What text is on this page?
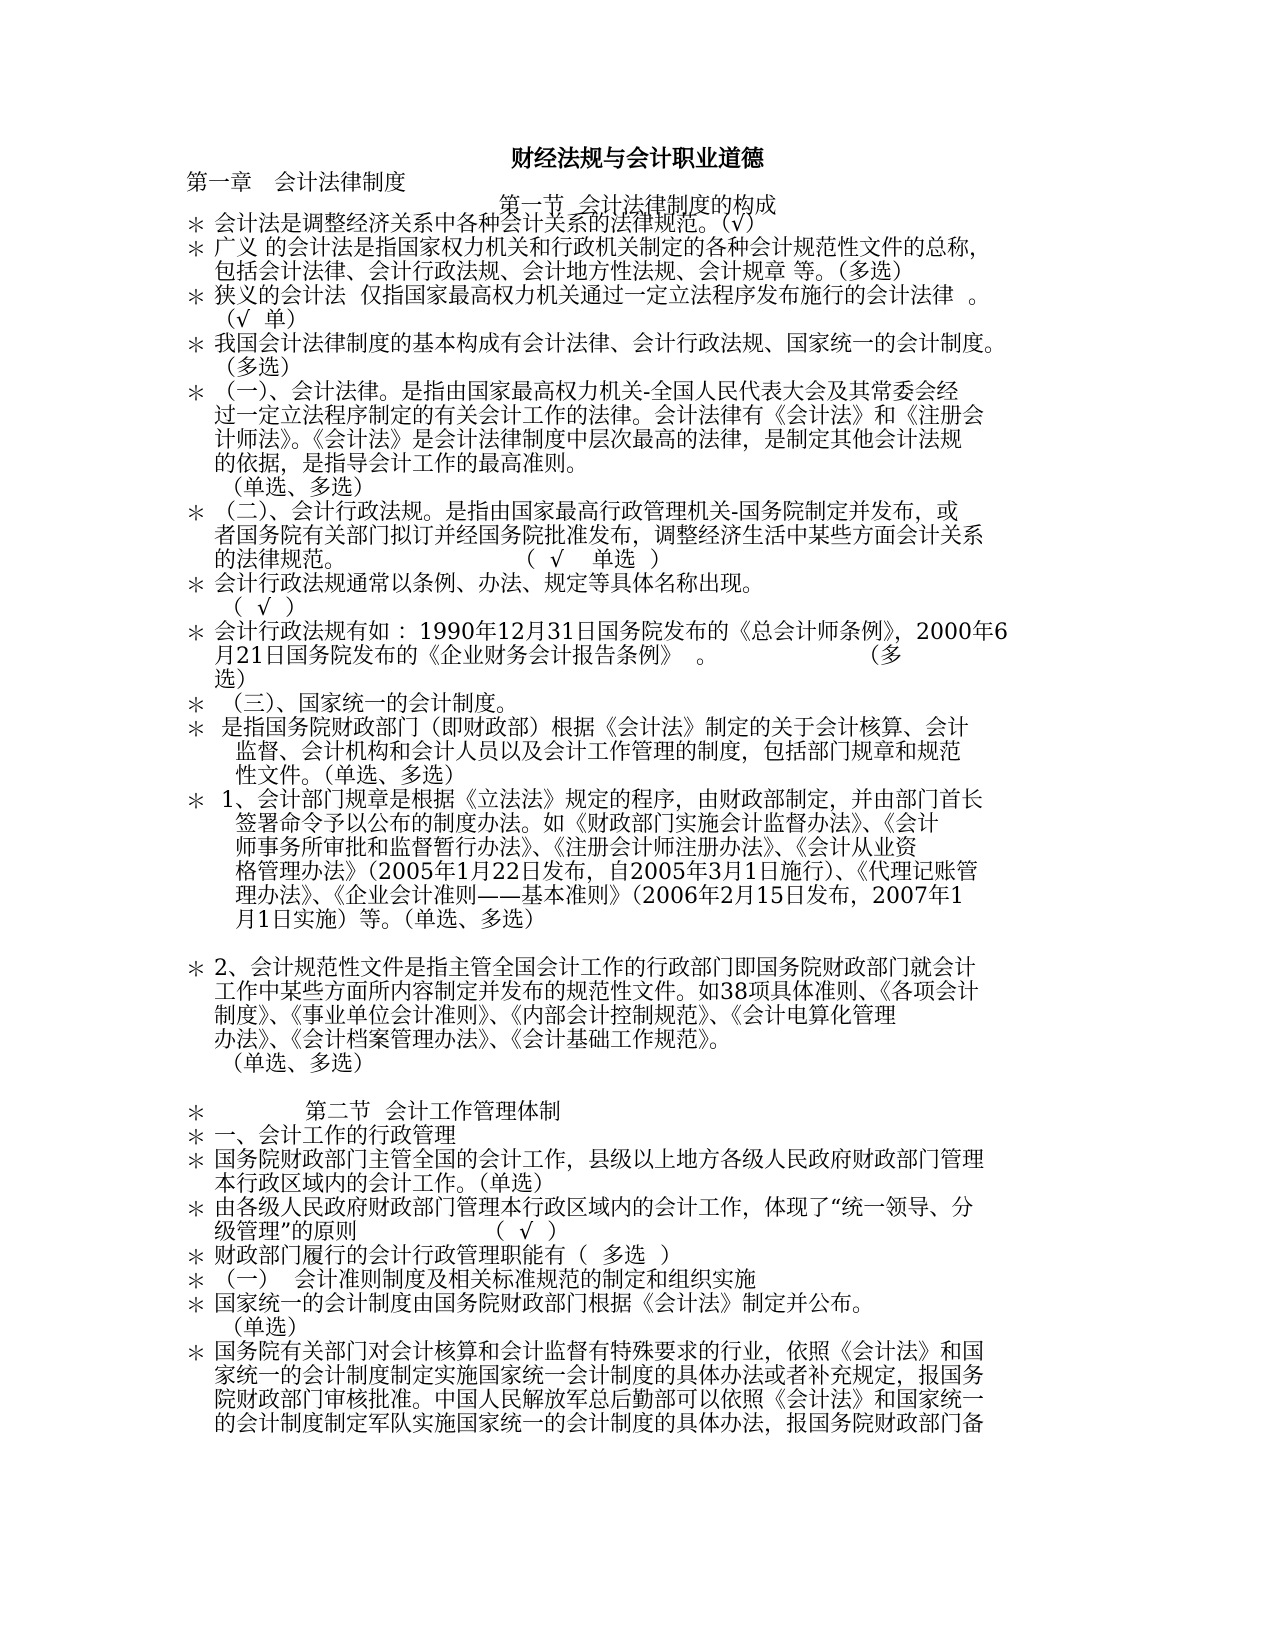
财经法规与会计职业道德
第一章　会计法律制度
第一节  会计法律制度的构成
＊ 会计法是调整经济关系中各种会计关系的法律规范。（√）
＊ 广义 的会计法是指国家权力机关和行政机关制定的各种会计规范性文件的总称，
包括会计法律、会计行政法规、会计地方性法规、会计规章 等。（多选）
＊ 狭义的会计法  仅指国家最高权力机关通过一定立法程序发布施行的会计法律  。
（√  单）
＊ 我国会计法律制度的基本构成有会计法律、会计行政法规、国家统一的会计制度。
（多选）
＊ （一）、会计法律。是指由国家最高权力机关-全国人民代表大会及其常委会经
过一定立法程序制定的有关会计工作的法律。会计法律有《会计法》和《注册会
计师法》。《会计法》是会计法律制度中层次最高的法律，是制定其他会计法规
的依据，是指导会计工作的最高准则。
（单选、多选）
＊ （二）、会计行政法规。是指由国家最高行政管理机关-国务院制定并发布，或
者国务院有关部门拟订并经国务院批准发布，调整经济生活中某些方面会计关系
的法律规范。                        （  √    单选  ）
＊ 会计行政法规通常以条例、办法、规定等具体名称出现。
（  √  ）
＊ 会计行政法规有如 ：1990年12月31日国务院发布的《总会计师条例》，2000年6
月21日国务院发布的《企业财务会计报告条例》  。                    （多
选）
＊ （三）、国家统一的会计制度。
＊ 是指国务院财政部门（即财政部）根据《会计法》制定的关于会计核算、会计
监督、会计机构和会计人员以及会计工作管理的制度，包括部门规章和规范
性文件。（单选、多选）
＊ 1、会计部门规章是根据《立法法》规定的程序，由财政部制定，并由部门首长
签署命令予以公布的制度办法。如《财政部门实施会计监督办法》、《会计
师事务所审批和监督暂行办法》、《注册会计师注册办法》、《会计从业资
格管理办法》（2005年1月22日发布，自2005年3月1日施行）、《代理记账管
理办法》、《企业会计准则——基本准则》（2006年2月15日发布，2007年1
月1日实施）等。（单选、多选）
＊ 2、会计规范性文件是指主管全国会计工作的行政部门即国务院财政部门就会计
工作中某些方面所内容制定并发布的规范性文件。如38项具体准则、《各项会计
制度》、《事业单位会计准则》、《内部会计控制规范》、《会计电算化管理
办法》、《会计档案管理办法》、《会计基础工作规范》。
（单选、多选）
＊ 第二节  会计工作管理体制
＊ 一、会计工作的行政管理
＊ 国务院财政部门主管全国的会计工作，县级以上地方各级人民政府财政部门管理
本行政区域内的会计工作。（单选）
＊ 由各级人民政府财政部门管理本行政区域内的会计工作，体现了“统一领导、分
级管理”的原则                  （  √  ）
＊ 财政部门履行的会计行政管理职能有（  多选  ）
＊ （一）  会计准则制度及相关标准规范的制定和组织实施
＊ 国家统一的会计制度由国务院财政部门根据《会计法》制定并公布。
（单选）
＊ 国务院有关部门对会计核算和会计监督有特殊要求的行业，依照《会计法》和国
家统一的会计制度制定实施国家统一会计制度的具体办法或者补充规定，报国务
院财政部门审核批准。中国人民解放军总后勤部可以依照《会计法》和国家统一
的会计制度制定军队实施国家统一的会计制度的具体办法，报国务院财政部门备
